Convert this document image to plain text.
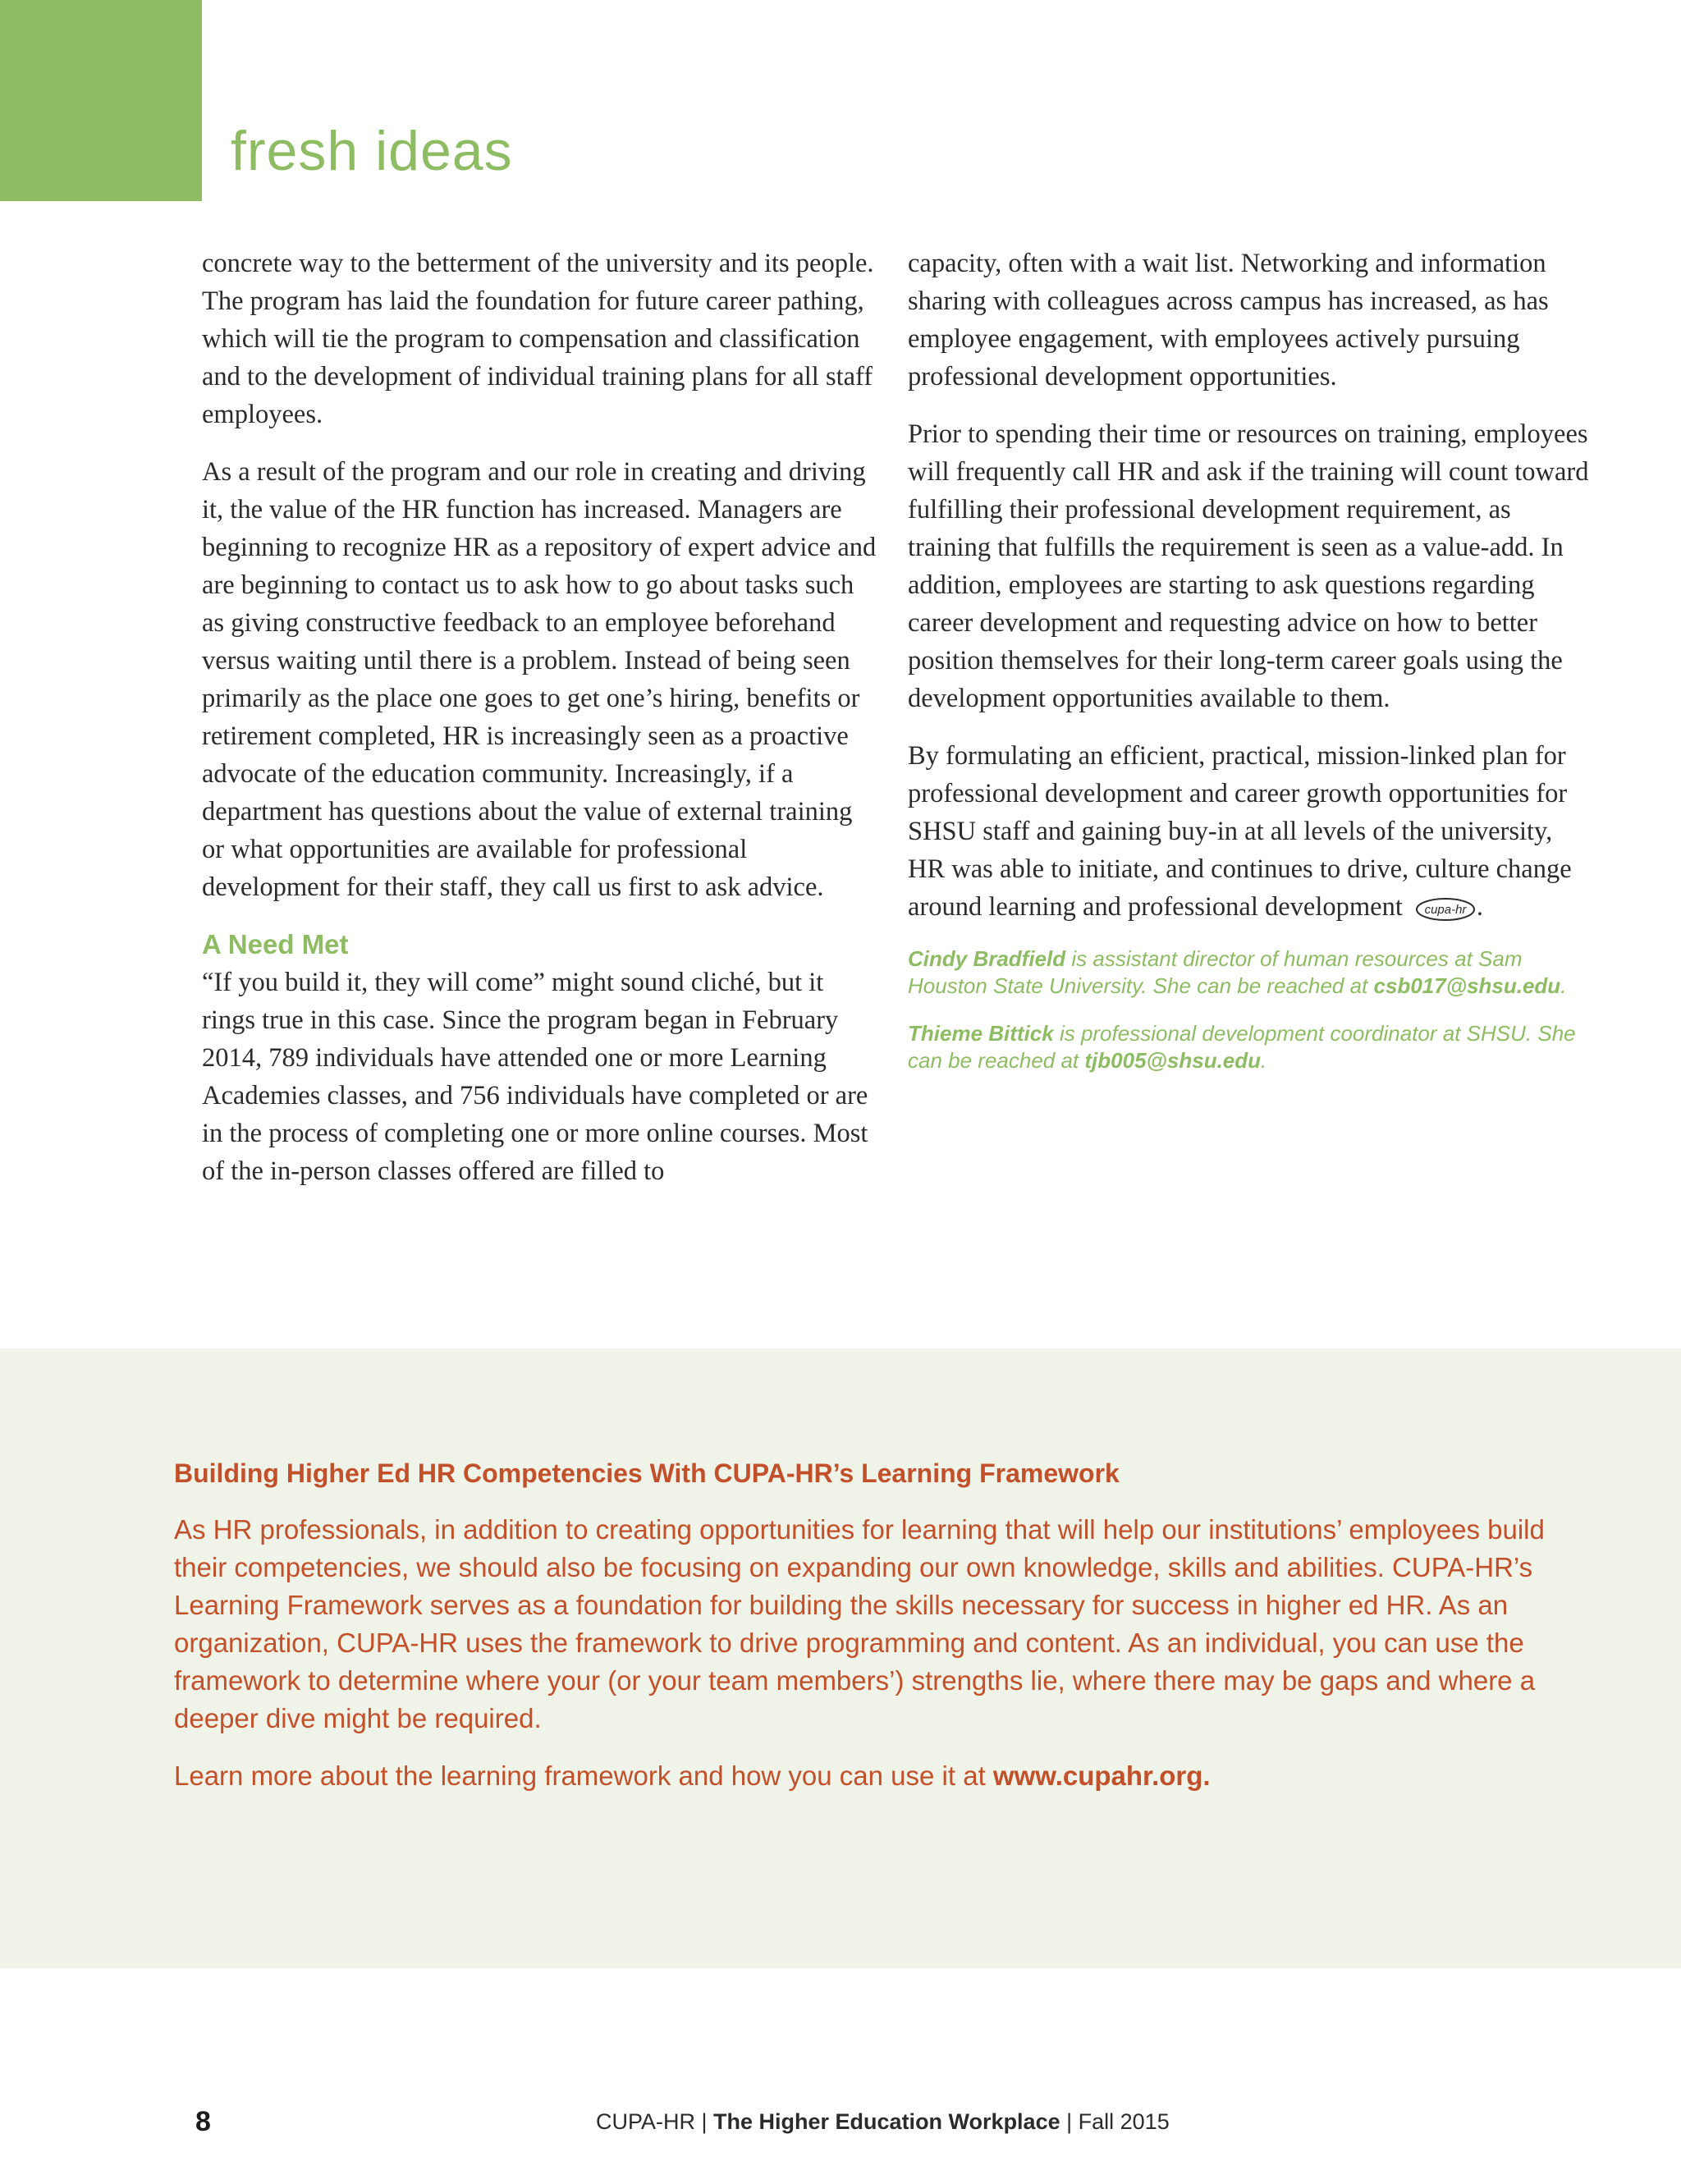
fresh ideas

concrete way to the betterment of the university and its people. The program has laid the foundation for future career pathing, which will tie the program to compensation and classification and to the development of individual training plans for all staff employees.

As a result of the program and our role in creating and driving it, the value of the HR function has increased. Managers are beginning to recognize HR as a repository of expert advice and are beginning to contact us to ask how to go about tasks such as giving constructive feedback to an employee beforehand versus waiting until there is a problem. Instead of being seen primarily as the place one goes to get one’s hiring, benefits or retirement completed, HR is increasingly seen as a proactive advocate of the education community. Increasingly, if a department has questions about the value of external training or what opportunities are available for professional development for their staff, they call us first to ask advice.

A Need Met

“If you build it, they will come” might sound cliché, but it rings true in this case. Since the program began in February 2014, 789 individuals have attended one or more Learning Academies classes, and 756 individuals have completed or are in the process of completing one or more online courses. Most of the in-person classes offered are filled to

capacity, often with a wait list. Networking and information sharing with colleagues across campus has increased, as has employee engagement, with employees actively pursuing professional development opportunities.

Prior to spending their time or resources on training, employees will frequently call HR and ask if the training will count toward fulfilling their professional development requirement, as training that fulfills the requirement is seen as a value-add. In addition, employees are starting to ask questions regarding career development and requesting advice on how to better position themselves for their long-term career goals using the development opportunities available to them.

By formulating an efficient, practical, mission-linked plan for professional development and career growth opportunities for SHSU staff and gaining buy-in at all levels of the university, HR was able to initiate, and continues to drive, culture change around learning and professional development cupa-hr .

Cindy Bradfield is assistant director of human resources at Sam Houston State University. She can be reached at csb017@shsu.edu.

Thieme Bittick is professional development coordinator at SHSU. She can be reached at tjb005@shsu.edu.

Building Higher Ed HR Competencies With CUPA-HR’s Learning Framework
As HR professionals, in addition to creating opportunities for learning that will help our institutions’ employees build their competencies, we should also be focusing on expanding our own knowledge, skills and abilities. CUPA-HR’s Learning Framework serves as a foundation for building the skills necessary for success in higher ed HR. As an organization, CUPA-HR uses the framework to drive programming and content. As an individual, you can use the framework to determine where your (or your team members’) strengths lie, where there may be gaps and where a deeper dive might be required.
Learn more about the learning framework and how you can use it at www.cupahr.org.
8	CUPA-HR | The Higher Education Workplace | Fall 2015
